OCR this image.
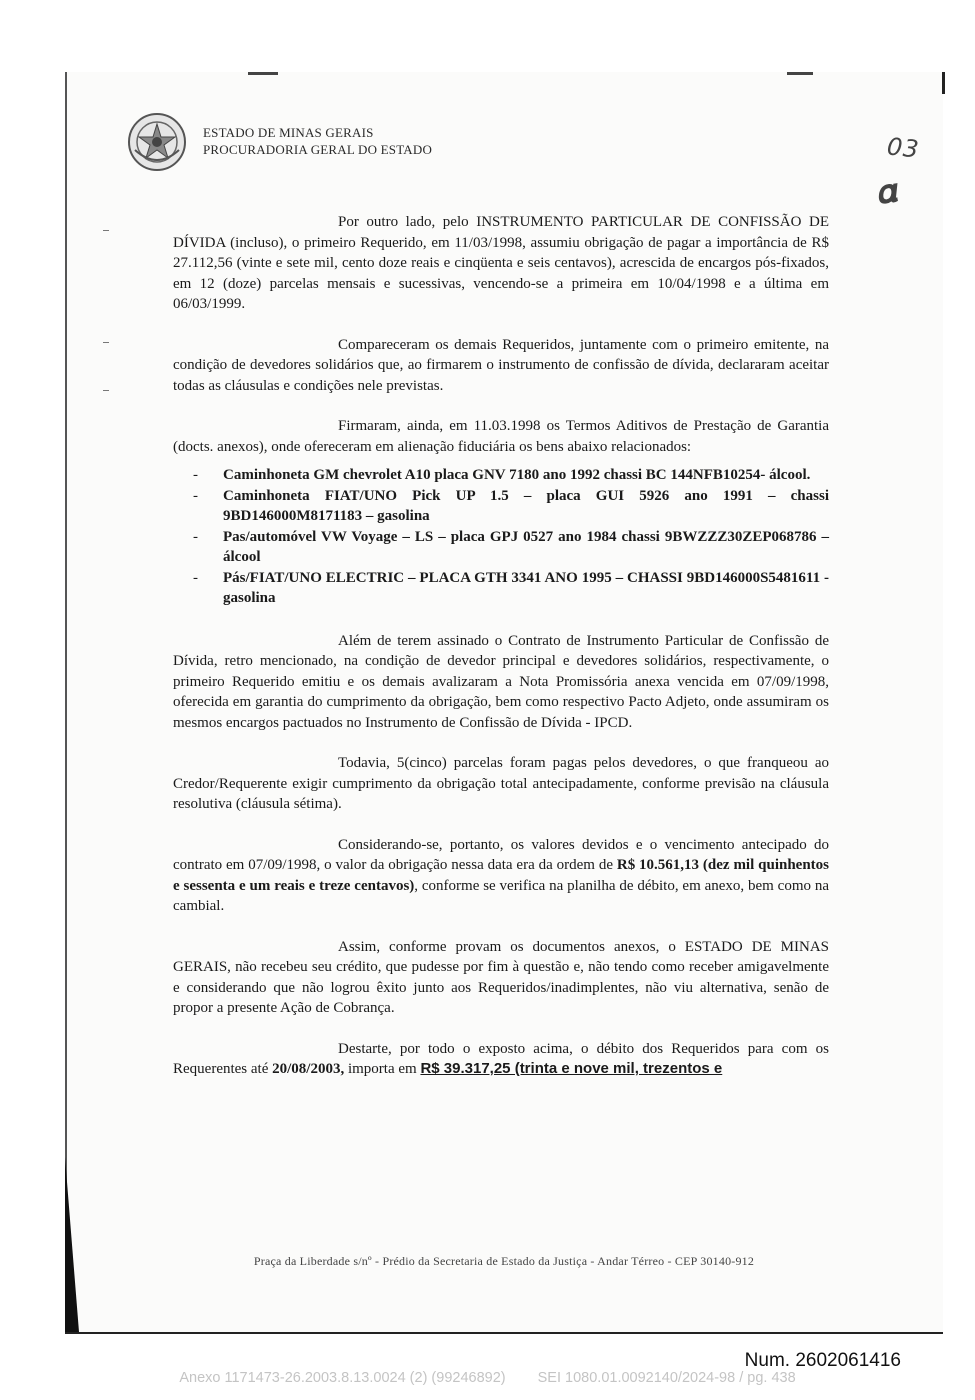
ESTADO DE MINAS GERAIS
PROCURADORIA GERAL DO ESTADO	03
𝛂

Por outro lado, pelo INSTRUMENTO PARTICULAR DE CONFISSÃO DE DÍVIDA (incluso), o primeiro Requerido, em 11/03/1998, assumiu obrigação de pagar a importância de R$ 27.112,56 (vinte e sete mil, cento doze reais e cinqüenta e seis centavos), acrescida de encargos pós-fixados, em 12 (doze) parcelas mensais e sucessivas, vencendo-se a primeira em 10/04/1998 e a última em 06/03/1999.

Compareceram os demais Requeridos, juntamente com o primeiro emitente, na condição de devedores solidários que, ao firmarem o instrumento de confissão de dívida, declararam aceitar todas as cláusulas e condições nele previstas.

Firmaram, ainda, em 11.03.1998 os Termos Aditivos de Prestação de Garantia (docts. anexos), onde ofereceram em alienação fiduciária os bens abaixo relacionados:

- Caminhoneta GM chevrolet A10 placa GNV 7180 ano 1992 chassi BC 144NFB10254- álcool.
- Caminhoneta FIAT/UNO Pick UP 1.5 – placa GUI 5926 ano 1991 – chassi 9BD146000M8171183 – gasolina
- Pas/automóvel VW Voyage – LS – placa GPJ 0527 ano 1984 chassi 9BWZZZ30ZEP068786 – álcool
- Pás/FIAT/UNO ELECTRIC – PLACA GTH 3341 ANO 1995 – CHASSI 9BD146000S5481611 - gasolina

Além de terem assinado o Contrato de Instrumento Particular de Confissão de Dívida, retro mencionado, na condição de devedor principal e devedores solidários, respectivamente, o primeiro Requerido emitiu e os demais avalizaram a Nota Promissória anexa vencida em 07/09/1998, oferecida em garantia do cumprimento da obrigação, bem como respectivo Pacto Adjeto, onde assumiram os mesmos encargos pactuados no Instrumento de Confissão de Dívida - IPCD.

Todavia, 5(cinco) parcelas foram pagas pelos devedores, o que franqueou ao Credor/Requerente exigir cumprimento da obrigação total antecipadamente, conforme previsão na cláusula resolutiva (cláusula sétima).

Considerando-se, portanto, os valores devidos e o vencimento antecipado do contrato em 07/09/1998, o valor da obrigação nessa data era da ordem de R$ 10.561,13 (dez mil quinhentos e sessenta e um reais e treze centavos), conforme se verifica na planilha de débito, em anexo, bem como na cambial.

Assim, conforme provam os documentos anexos, o ESTADO DE MINAS GERAIS, não recebeu seu crédito, que pudesse por fim à questão e, não tendo como receber amigavelmente e considerando que não logrou êxito junto aos Requeridos/inadimplentes, não viu alternativa, senão de propor a presente Ação de Cobrança.

Destarte, por todo o exposto acima, o débito dos Requeridos para com os Requerentes até 20/08/2003, importa em R$ 39.317,25 (trinta e nove mil, trezentos e

Praça da Liberdade s/nº - Prédio da Secretaria de Estado da Justiça - Andar Térreo - CEP 30140-912
Num. 2602061416
Anexo 1171473-26.2003.8.13.0024 (2) (99246892) SEI 1080.01.0092140/2024-98 / pg. 438
